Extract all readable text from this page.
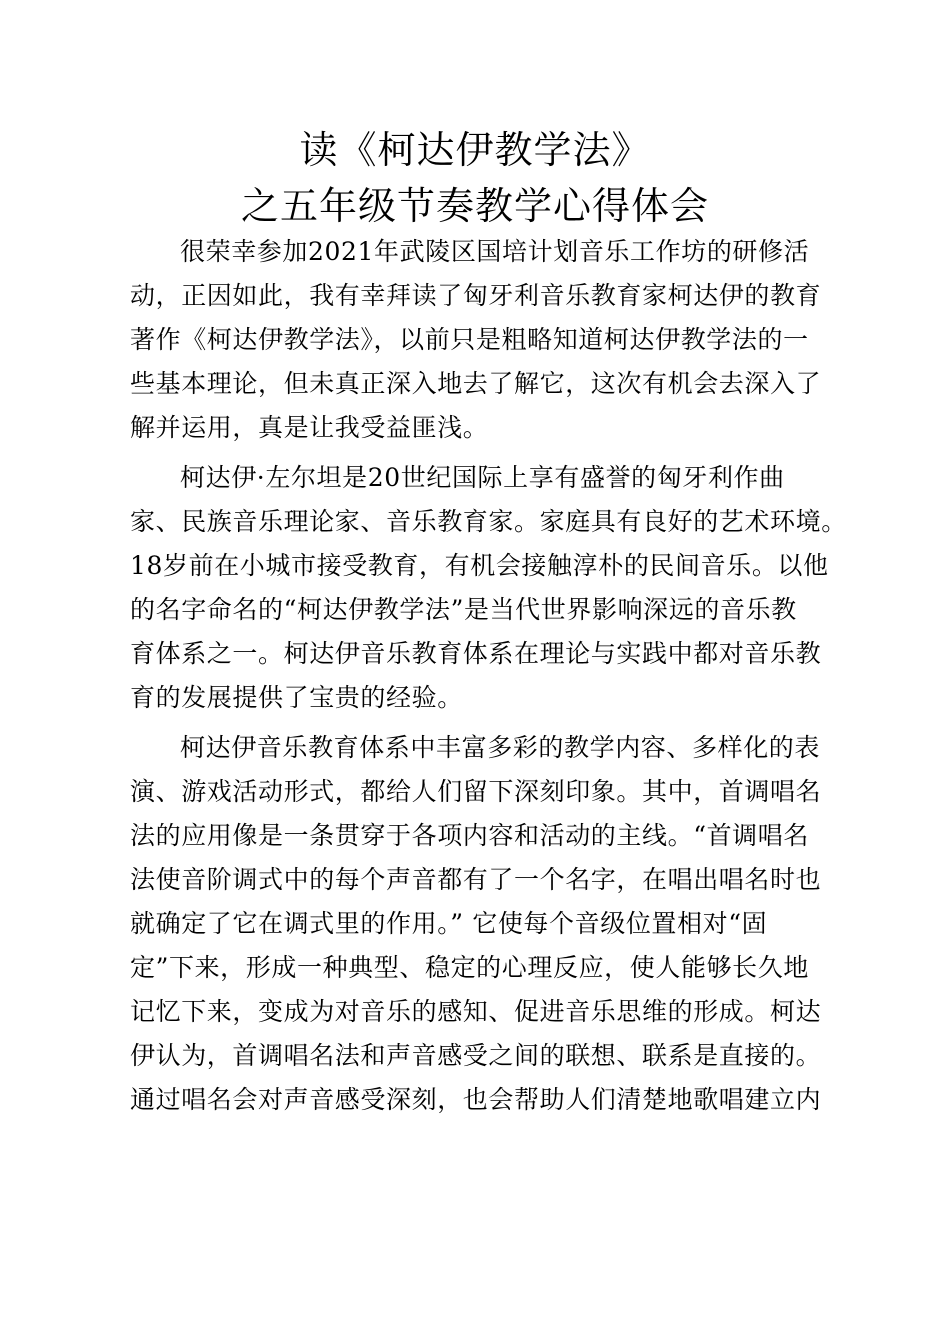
读《柯达伊教学法》
之五年级节奏教学心得体会

很荣幸参加2021年武陵区国培计划音乐工作坊的研修活
动，正因如此，我有幸拜读了匈牙利音乐教育家柯达伊的教育
著作《柯达伊教学法》，以前只是粗略知道柯达伊教学法的一
些基本理论，但未真正深入地去了解它，这次有机会去深入了
解并运用，真是让我受益匪浅。

柯达伊·左尔坦是20世纪国际上享有盛誉的匈牙利作曲
家、民族音乐理论家、音乐教育家。家庭具有良好的艺术环境。
18岁前在小城市接受教育，有机会接触淳朴的民间音乐。以他
的名字命名的“柯达伊教学法”是当代世界影响深远的音乐教
育体系之一。柯达伊音乐教育体系在理论与实践中都对音乐教
育的发展提供了宝贵的经验。

柯达伊音乐教育体系中丰富多彩的教学内容、多样化的表
演、游戏活动形式，都给人们留下深刻印象。其中，首调唱名
法的应用像是一条贯穿于各项内容和活动的主线。“首调唱名
法使音阶调式中的每个声音都有了一个名字，在唱出唱名时也
就确定了它在调式里的作用。” 它使每个音级位置相对“固
定”下来，形成一种典型、稳定的心理反应，使人能够长久地
记忆下来，变成为对音乐的感知、促进音乐思维的形成。柯达
伊认为，首调唱名法和声音感受之间的联想、联系是直接的。
通过唱名会对声音感受深刻，也会帮助人们清楚地歌唱建立内
